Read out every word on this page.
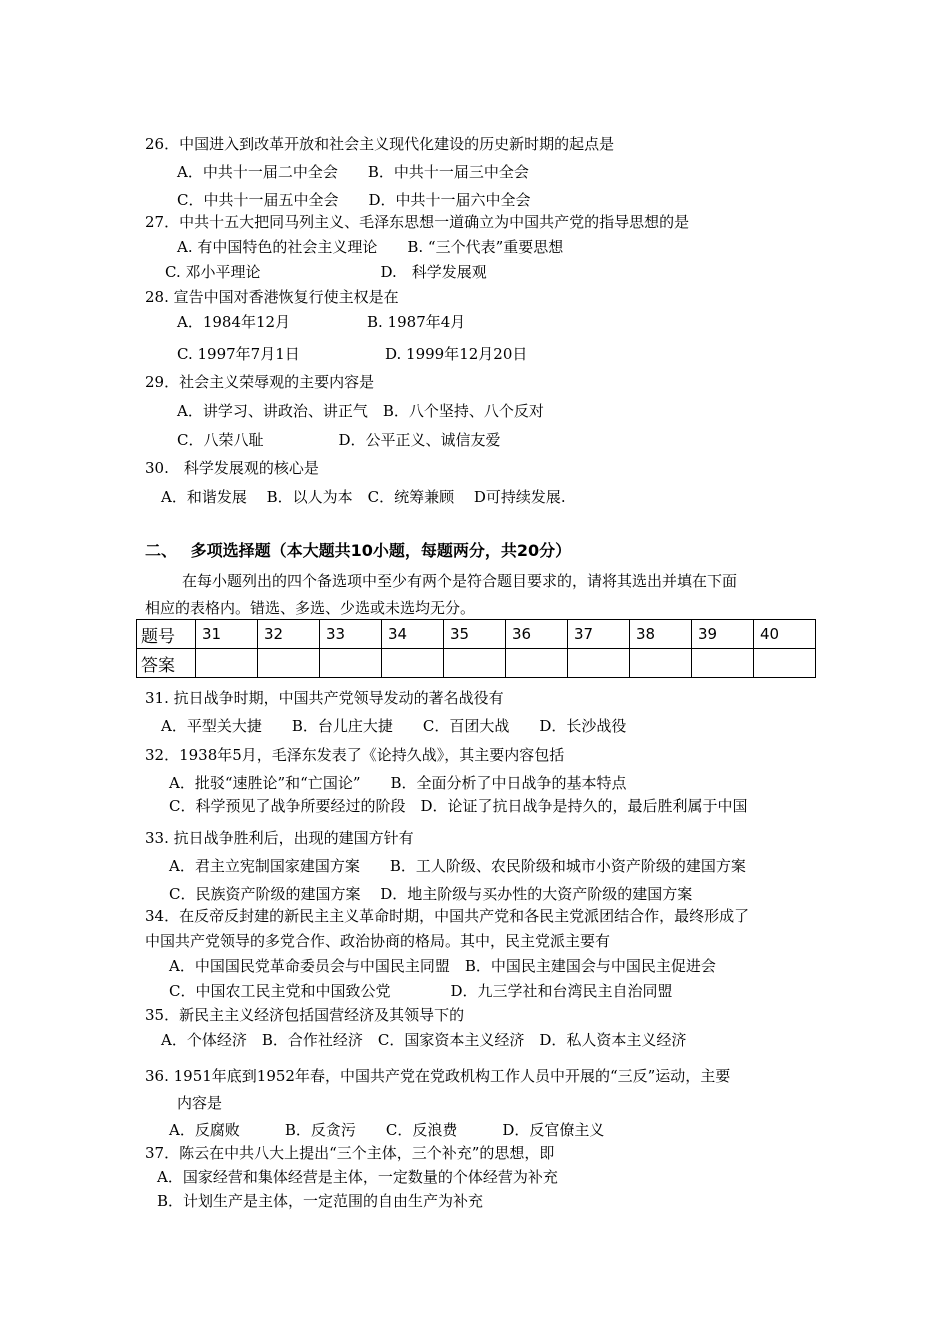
26．中国进入到改革开放和社会主义现代化建设的历史新时期的起点是
A．中共十一届二中全会　　B．中共十一届三中全会
C．中共十一届五中全会　　D．中共十一届六中全会
27．中共十五大把同马列主义、毛泽东思想一道确立为中国共产党的指导思想的是
A. 有中国特色的社会主义理论　　B. “三个代表”重要思想
C. 邓小平理论　　　　　　　　D.　科学发展观
28. 宣告中国对香港恢复行使主权是在
A．1984年12月	B. 1987年4月
C. 1997年7月1日	D. 1999年12月20日
29．社会主义荣辱观的主要内容是
A．讲学习、讲政治、讲正气　B．八个坚持、八个反对
C．八荣八耻　　　　　D．公平正义、诚信友爱
30.　科学发展观的核心是
A．和谐发展　 B．以人为本　C．统筹兼顾　 D可持续发展.
二、　 多项选择题（本大题共10小题，每题两分，共20分）
在每小题列出的四个备选项中至少有两个是符合题目要求的，请将其选出并填在下面
相应的表格内。错选、多选、少选或未选均无分。
题号	31	32	33	34	35	36	37	38	39	40
答案										
31. 抗日战争时期，中国共产党领导发动的著名战役有
A．平型关大捷　　B．台儿庄大捷　　C．百团大战　　D．长沙战役
32．1938年5月，毛泽东发表了《论持久战》，其主要内容包括
A．批驳“速胜论”和“亡国论”　　B．全面分析了中日战争的基本特点
C．科学预见了战争所要经过的阶段　D．论证了抗日战争是持久的，最后胜利属于中国
33. 抗日战争胜利后，出现的建国方针有
A．君主立宪制国家建国方案　　B．工人阶级、农民阶级和城市小资产阶级的建国方案
C．民族资产阶级的建国方案　 D．地主阶级与买办性的大资产阶级的建国方案
34．在反帝反封建的新民主主义革命时期，中国共产党和各民主党派团结合作，最终形成了
中国共产党领导的多党合作、政治协商的格局。其中，民主党派主要有
A．中国国民党革命委员会与中国民主同盟　B．中国民主建国会与中国民主促进会
C．中国农工民主党和中国致公党　　　　D．九三学社和台湾民主自治同盟
35．新民主主义经济包括国营经济及其领导下的
A．个体经济　B．合作社经济　C．国家资本主义经济　D．私人资本主义经济
36. 1951年底到1952年春，中国共产党在党政机构工作人员中开展的“三反”运动，主要
内容是
A．反腐败　　　B．反贪污　　C．反浪费　　　D．反官僚主义
37．陈云在中共八大上提出“三个主体，三个补充”的思想，即
A．国家经营和集体经营是主体，一定数量的个体经营为补充
B．计划生产是主体，一定范围的自由生产为补充
